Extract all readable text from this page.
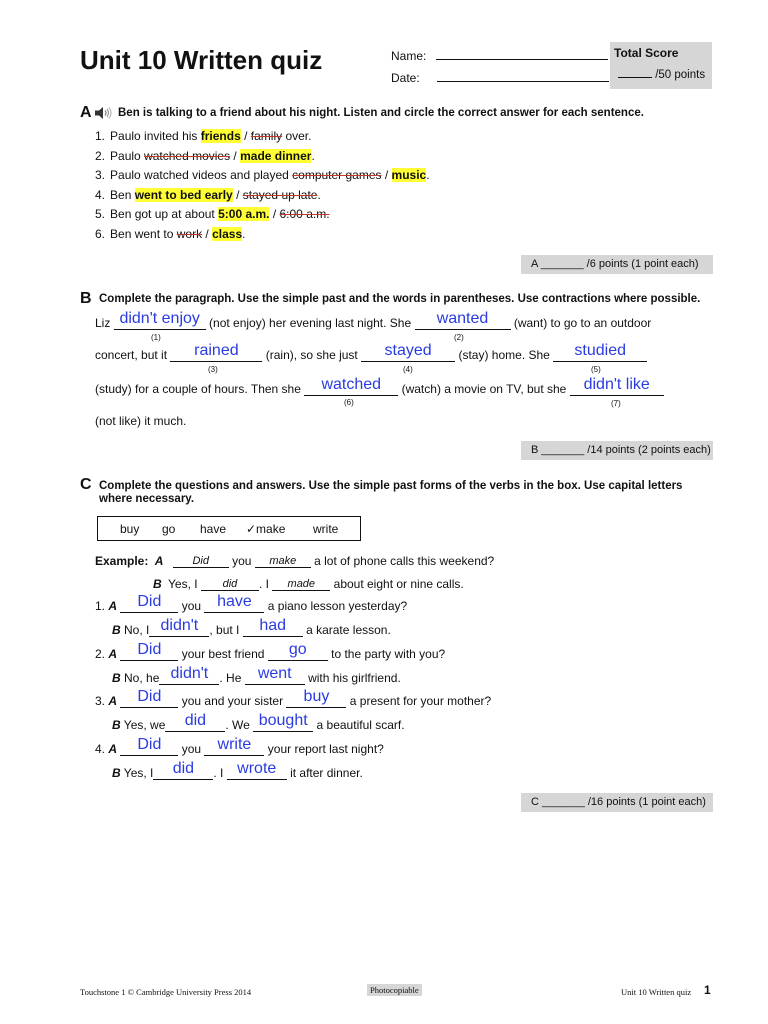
Unit 10 Written quiz	Name:
Date:
Total Score
/50 points
A Ben is talking to a friend about his night. Listen and circle the correct answer for each sentence.
1. Paulo invited his friends / family over.
2. Paulo watched movies / made dinner.
3. Paulo watched videos and played computer games / music.
4. Ben went to bed early / stayed up late.
5. Ben got up at about 5:00 a.m. / 6:00 a.m.
6. Ben went to work / class.
A _______ /6 points (1 point each)
B Complete the paragraph. Use the simple past and the words in parentheses. Use contractions where possible.
Liz didn't enjoy (not enjoy) her evening last night. She	wanted	(want) to go to an outdoor
(1)	(2)
concert, but it	rained	(rain), so she just	stayed	(stay) home. She	studied
(3)	(4)	(5)
(study) for a couple of hours. Then she	watched	(watch) a movie on TV, but she	didn't like
(6)	(7)
(not like) it much.
B _______ /14 points (2 points each)
C Complete the questions and answers. Use the simple past forms of the verbs in the box. Use capital letters
where necessary.
buy go have ✓make write
Example: A	Did	you	make	a lot of phone calls this weekend?
B Yes, I	did	. I	made	about eight or nine calls.
1. A	Did	you have	a piano lesson yesterday?
B No, I didn't , but I	had	a karate lesson.
2. A	Did	your best friend	go	to the party with you?
B No, he didn't . He	went	with his girlfriend.
3. A	Did	you and your sister	buy	a present for your mother?
B Yes, we	did	. We bought a beautiful scarf.
4. A	Did	you	write	your report last night?
B Yes, I	did	. I wrote	it after dinner.
C _______ /16 points (1 point each)
Touchstone 1 © Cambridge University Press 2014	Photocopiable	Unit 10 Written quiz 1
